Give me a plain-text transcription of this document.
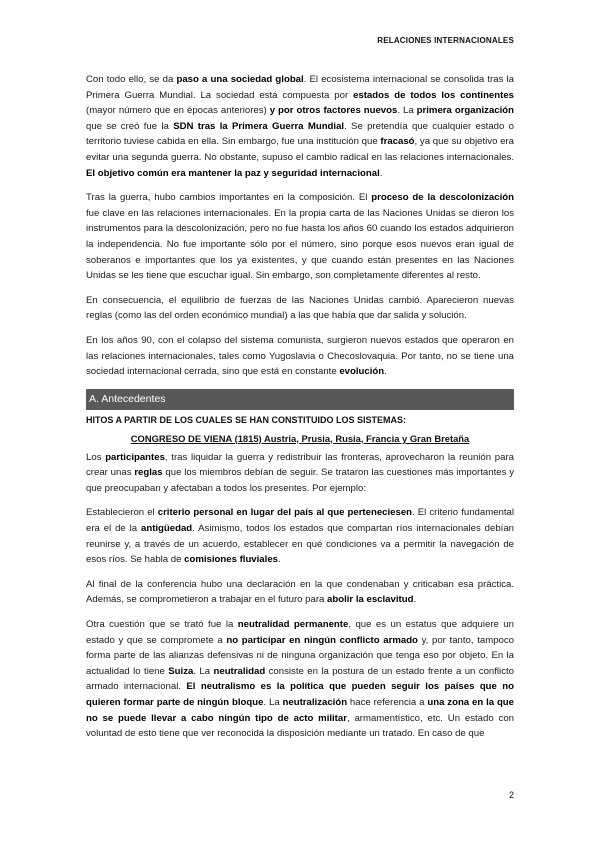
RELACIONES INTERNACIONALES

Con todo ello, se da paso a una sociedad global. El ecosistema internacional se consolida tras la Primera Guerra Mundial. La sociedad está compuesta por estados de todos los continentes (mayor número que en épocas anteriores) y por otros factores nuevos. La primera organización que se creó fue la SDN tras la Primera Guerra Mundial. Se pretendía que cualquier estado o territorio tuviese cabida en ella. Sin embargo, fue una institución que fracasó, ya que su objetivo era evitar una segunda guerra. No obstante, supuso el cambio radical en las relaciones internacionales. El objetivo común era mantener la paz y seguridad internacional.

Tras la guerra, hubo cambios importantes en la composición. El proceso de la descolonización fue clave en las relaciones internacionales. En la propia carta de las Naciones Unidas se dieron los instrumentos para la descolonización, pero no fue hasta los años 60 cuando los estados adquirieron la independencia. No fue importante sólo por el número, sino porque esos nuevos eran igual de soberanos e importantes que los ya existentes, y que cuando están presentes en las Naciones Unidas se les tiene que escuchar igual. Sin embargo, son completamente diferentes al resto.

En consecuencia, el equilibrio de fuerzas de las Naciones Unidas cambió. Aparecieron nuevas reglas (como las del orden económico mundial) a las que había que dar salida y solución.

En los años 90, con el colapso del sistema comunista, surgieron nuevos estados que operaron en las relaciones internacionales, tales como Yugoslavia o Checoslovaquia. Por tanto, no se tiene una sociedad internacional cerrada, sino que está en constante evolución.

A. Antecedentes
HITOS A PARTIR DE LOS CUALES SE HAN CONSTITUIDO LOS SISTEMAS:
CONGRESO DE VIENA (1815) Austria, Prusia, Rusia, Francia y Gran Bretaña

Los participantes, tras liquidar la guerra y redistribuir las fronteras, aprovecharon la reunión para crear unas reglas que los miembros debían de seguir. Se trataron las cuestiones más importantes y que preocupaban y afectaban a todos los presentes. Por ejemplo:

Establecieron el criterio personal en lugar del país al que perteneciesen. El criterio fundamental era el de la antigüedad. Asimismo, todos los estados que compartan ríos internacionales debían reunirse y, a través de un acuerdo, establecer en qué condiciones va a permitir la navegación de esos ríos. Se habla de comisiones fluviales.

Al final de la conferencia hubo una declaración en la que condenaban y criticaban esa práctica. Además, se comprometieron a trabajar en el futuro para abolir la esclavitud.

Otra cuestión que se trató fue la neutralidad permanente, que es un estatus que adquiere un estado y que se compromete a no participar en ningún conflicto armado y, por tanto, tampoco forma parte de las alianzas defensivas ni de ninguna organización que tenga eso por objeto. En la actualidad lo tiene Suiza. La neutralidad consiste en la postura de un estado frente a un conflicto armado internacional. El neutralismo es la política que pueden seguir los países que no quieren formar parte de ningún bloque. La neutralización hace referencia a una zona en la que no se puede llevar a cabo ningún tipo de acto militar, armamentístico, etc. Un estado con voluntad de esto tiene que ver reconocida la disposición mediante un tratado. En caso de que

2
